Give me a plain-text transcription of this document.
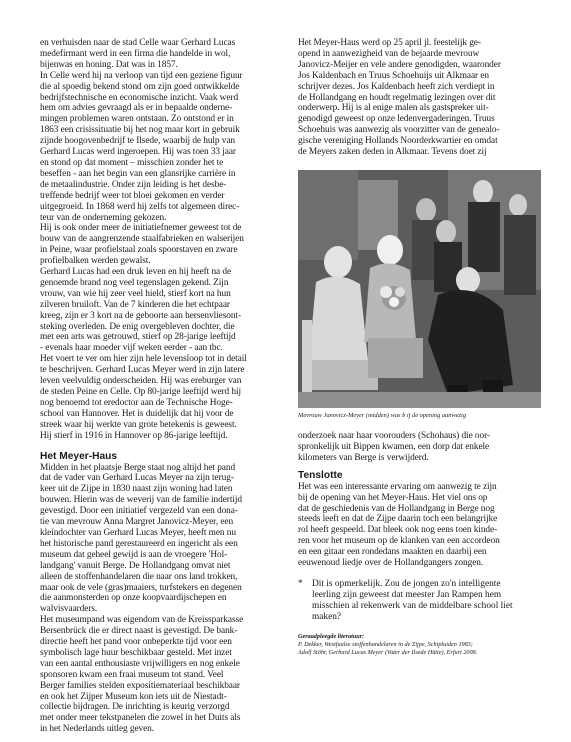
en verhuisden naar de stad Celle waar Gerhard Lucas
medefirmant werd in een firma die handelde in wol,
bijenwas en honing. Dat was in 1857.
In Celle werd hij na verloop van tijd een geziene figuur
die al spoedig bekend stond om zijn goed ontwikkelde
bedrijfstechnische en economische inzicht. Vaak werd
hem om advies gevraagd als er in bepaalde onderne-
mingen problemen waren ontstaan. Zo ontstond er in
1863 een crisissituatie bij het nog maar kort in gebruik
zijnde hoogovenbedrijf te Ilsede, waarbij de hulp van
Gerhard Lucas werd ingeroepen. Hij was toen 33 jaar
en stond op dat moment – misschien zonder het te
beseffen - aan het begin van een glansrijke carrière in
de metaalindustrie. Onder zijn leiding is het desbe-
treffende bedrijf weer tot bloei gekomen en verder
uitgegroeid. In 1868 werd hij zelfs tot algemeen direc-
teur van de onderneming gekozen.
Hij is ook onder meer de initiatiefnemer geweest tot de
bouw van de aangrenzende staalfabrieken en walserijen
in Peine, waar profielstaal zoals spoorstaven en zware
profielbalken werden gewalst.
Gerhard Lucas had een druk leven en hij heeft na de
genoemde brand nog veel tegenslagen gekend. Zijn
vrouw, van wie hij zeer veel hield, stierf kort na hun
zilveren bruiloft. Van de 7 kinderen die het echtpaar
kreeg, zijn er 3 kort na de geboorte aan hersenvliesont-
steking overleden. De enig overgebleven dochter, die
met een arts was getrouwd, stierf op 28-jarige leeftijd
- evenals haar moeder vijf weken eerder - aan tbc.
Het voert te ver om hier zijn hele levensloop tot in detail
te beschrijven. Gerhard Lucas Meyer werd in zijn latere
leven veelvuldig onderscheiden. Hij was ereburger van
de steden Peine en Celle. Op 80-jarige leeftijd werd hij
nog benoemd tot eredoctor aan de Technische Hoge-
school van Hannover. Het is duidelijk dat hij voor de
streek waar hij werkte van grote betekenis is geweest.
Hij stierf in 1916 in Hannover op 86-jarige leeftijd.
Het Meyer-Haus
Midden in het plaatsje Berge staat nog altijd het pand
dat de vader van Gerhard Lucas Meyer na zijn terug-
keer uit de Zijpe in 1830 naast zijn woning had laten
bouwen. Hierin was de weverij van de familie indertijd
gevestigd. Door een initiatief vergezeld van een dona-
tie van mevrouw Anna Margret Janovicz-Meyer, een
kleindochter van Gerhard Lucas Meyer, heeft men nu
het historische pand gerestaureerd en ingericht als een
museum dat geheel gewijd is aan de vroegere 'Hol-
landgang' vanuit Berge. De Hollandgang omvat niet
alleen de stoffenhandelaren die naar ons land trokken,
maar ook de vele (gras)maaiers, turfstekers en degenen
die aanmonsterden op onze koopvaardijschepen en
walvisvaarders.
Het museumpand was eigendom van de Kreissparkasse
Bersenbrück die er direct naast is gevestigd. De bank-
directie heeft het pand voor onbeperkte tijd voor een
symbolisch lage huur beschikbaar gesteld. Met inzet
van een aantal enthousiaste vrijwilligers en nog enkele
sponsoren kwam een fraai museum tot stand. Veel
Berger families stelden expositiemateriaal beschikbaar
en ook het Zijper Museum kon iets uit de Niestadt-
collectie bijdragen. De inrichting is keurig verzorgd
met onder meer tekstpanelen die zowel in het Duits als
in het Nederlands uitleg geven.
Het Meyer-Haus werd op 25 april jl. feestelijk ge-
opend in aanwezigheid van de bejaarde mevrouw
Janovicz-Meijer en vele andere genodigden, waaronder
Jos Kaldenbach en Truus Schoehuijs uit Alkmaar en
schrijver dezes. Jos Kaldenbach heeft zich verdiept in
de Hollandgang en houdt regelmatig lezingen over dit
onderwerp. Hij is al enige malen als gastspreker uit-
genodigd geweest op onze ledenvergaderingen. Truus
Schoehuis was aanwezig als voorzitter van de genealo-
gische vereniging Hollands Noorderkwartier en omdat
de Meyers zaken deden in Alkmaar. Tevens doet zij
Mevrouw Janovicz-Meyer (midden) was b ij de opening aanwezig
onderzoek naar haar voorouders (Schohaus) die oor-
spronkelijk uit Bippen kwamen, een dorp dat enkele
kilometers van Berge is verwijderd.
Tenslotte
Het was een interessante ervaring om aanwezig te zijn
bij de opening van het Meyer-Haus. Het viel ons op
dat de geschiedenis van de Hollandgang in Berge nog
steeds leeft en dat de Zijpe daarin toch een belangrijke
rol heeft gespeeld. Dat bleek ook nog eens toen kinde-
ren voor het museum op de klanken van een accordeon
en een gitaar een rondedans maakten en daarbij een
eeuwenoud liedje over de Hollandgangers zongen.
* Dit is opmerkelijk. Zou de jongen zo'n intelligente
leerling zijn geweest dat meester Jan Rampen hem
misschien al rekenwerk van de middelbare school liet
maken?
Geraadpleegde literatuur:
P. Dekker, Westfaalse stoffenhandelaren in de Zijpe, Schipluiden 1983;
Adolf Stöhr, Gerhard Lucas Meyer (Vater der Ilsede Hütte), Erfurt 2008.
